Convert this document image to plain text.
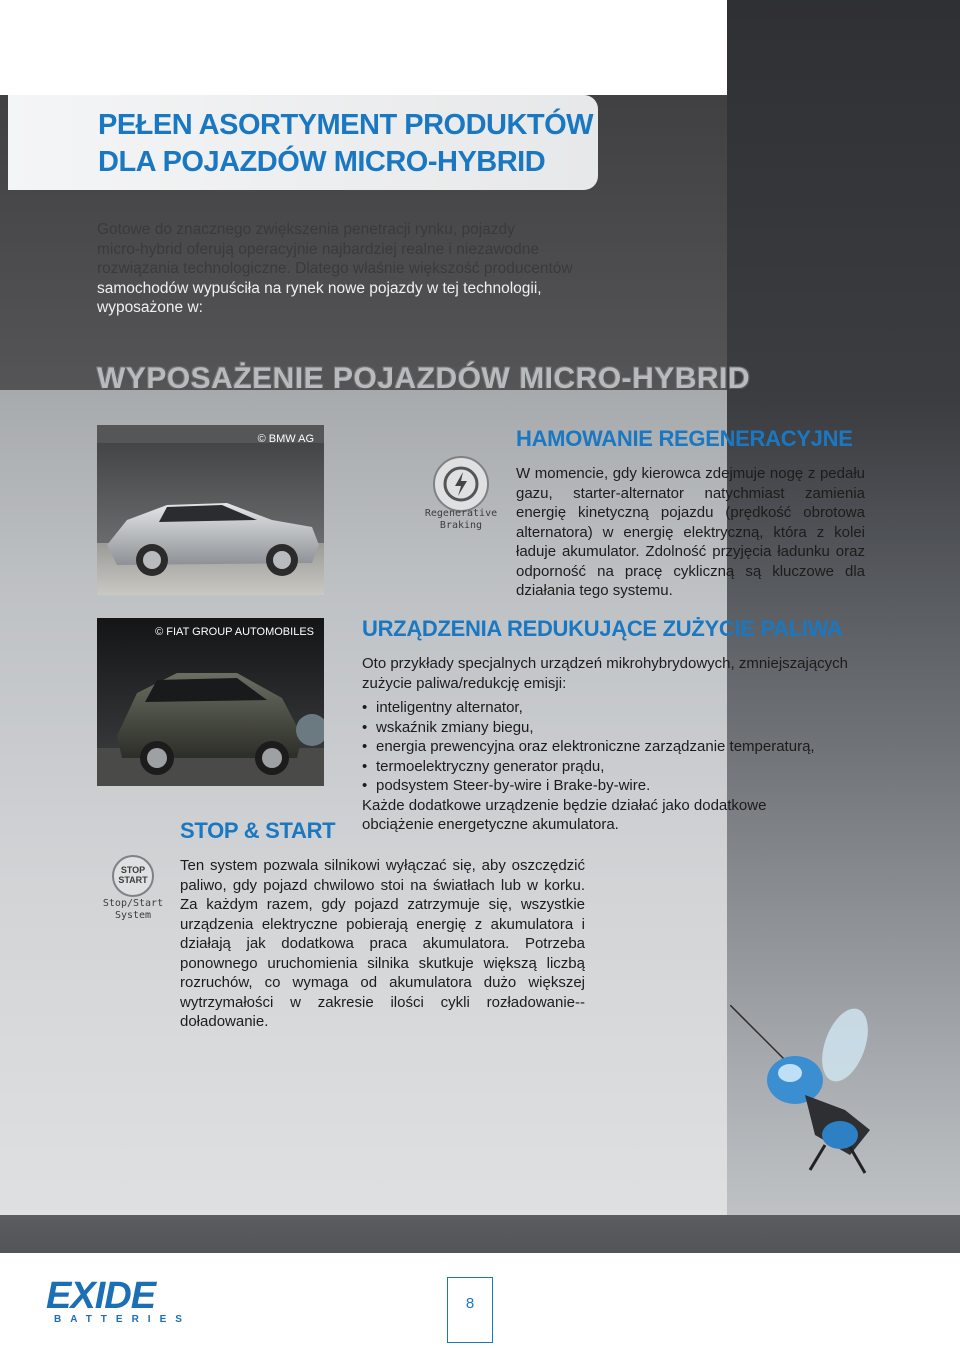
PEŁEN ASORTYMENT PRODUKTÓW
DLA POJAZDÓW MICRO-HYBRID
Gotowe do znacznego zwiększenia penetracji rynku, pojazdy
micro-hybrid oferują operacyjnie najbardziej realne i niezawodne
rozwiązania technologiczne. Dlatego właśnie większość producentów
samochodów wypuściła na rynek nowe pojazdy w tej technologii,
wyposażone w:
WYPOSAŻENIE POJAZDÓW MICRO-HYBRID
© BMW AG
Regenerative
Braking
HAMOWANIE REGENERACYJNE
W momencie, gdy kierowca zdejmuje nogę z pedału gazu, starter-alternator natychmiast zamienia energię kinetyczną pojazdu (prędkość obrotowa alternatora) w energię elektryczną, która z kolei ładuje akumulator. Zdolność przyjęcia ładunku oraz odporność na pracę cykliczną są kluczowe dla działania tego systemu.
URZĄDZENIA REDUKUJĄCE ZUŻYCIE PALIWA
© FIAT GROUP AUTOMOBILES
Oto przykłady specjalnych urządzeń mikrohybrydowych, zmniejszających zużycie paliwa/redukcję emisji:
• inteligentny alternator,
• wskaźnik zmiany biegu,
• energia prewencyjna oraz elektroniczne zarządzanie temperaturą,
• termoelektryczny generator prądu,
• podsystem Steer-by-wire i Brake-by-wire.
Każde dodatkowe urządzenie będzie działać jako dodatkowe obciążenie energetyczne akumulatora.
STOP & START
STOP
START
Stop/Start
System
Ten system pozwala silnikowi wyłączać się, aby oszczędzić paliwo, gdy pojazd chwilowo stoi na światłach lub w korku. Za każdym razem, gdy pojazd zatrzymuje się, wszystkie urządzenia elektryczne pobierają energię z akumulatora i działają jak dodatkowa praca akumulatora. Potrzeba ponownego uruchomienia silnika skutkuje większą liczbą rozruchów, co wymaga od akumulatora dużo większej wytrzymałości w zakresie ilości cykli rozładowanie--doładowanie.
EXIDE
BATTERIES
8
